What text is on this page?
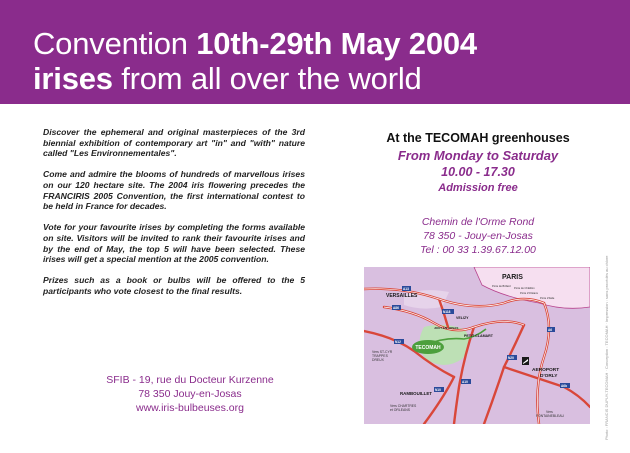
Convention 10th-29th May 2004
irises from all over the world

Discover the ephemeral and original masterpieces of the 3rd biennial exhibition of contemporary art "in" and "with" nature called "Les Environnementales".

Come and admire the blooms of hundreds of marvellous irises on our 120 hectare site. The 2004 iris flowering precedes the FRANCIRIS 2005 Convention, the first international contest to be held in France for decades.

Vote for your favourite irises by completing the forms available on site. Visitors will be invited to rank their favourite irises and by the end of May, the top 5 will have been selected. These irises will get a special mention at the 2005 convention.

Prizes such as a book or bulbs will be offered to the 5 participants who vote closest to the final results.

SFIB - 19, rue du Docteur Kurzenne
78 350 Jouy-en-Josas
www.iris-bulbeuses.org
At the TECOMAH greenhouses
From Monday to Saturday
10.00 - 17.30
Admission free
Chemin de l'Orme Rond
78 350 - Jouy-en-Josas
Tel : 00 33 1.39.67.12.00
TECOMAH
PARIS
VERSAILLES
PETIT CLAMART
VELIZY
JOUY-EN-JOSAS
RAMBOUILLET
AEROPORT
D'ORLY
Vers ST-CYR
TRAPPES
DREUX
Vers CHARTRES
et ORLEANS	Vers
FONTAINEBLEAU
Porte de Brillard
Porte de Châtillon
Porte d'Orléans
Porte d'Italie
A13
A86
A6
N118
N12
A10
N20
N10
A6b	Photo : FRANCIS DUPUY-TECOMAH · Conception : TECOMAH · Impression : sans procédés au chlore
